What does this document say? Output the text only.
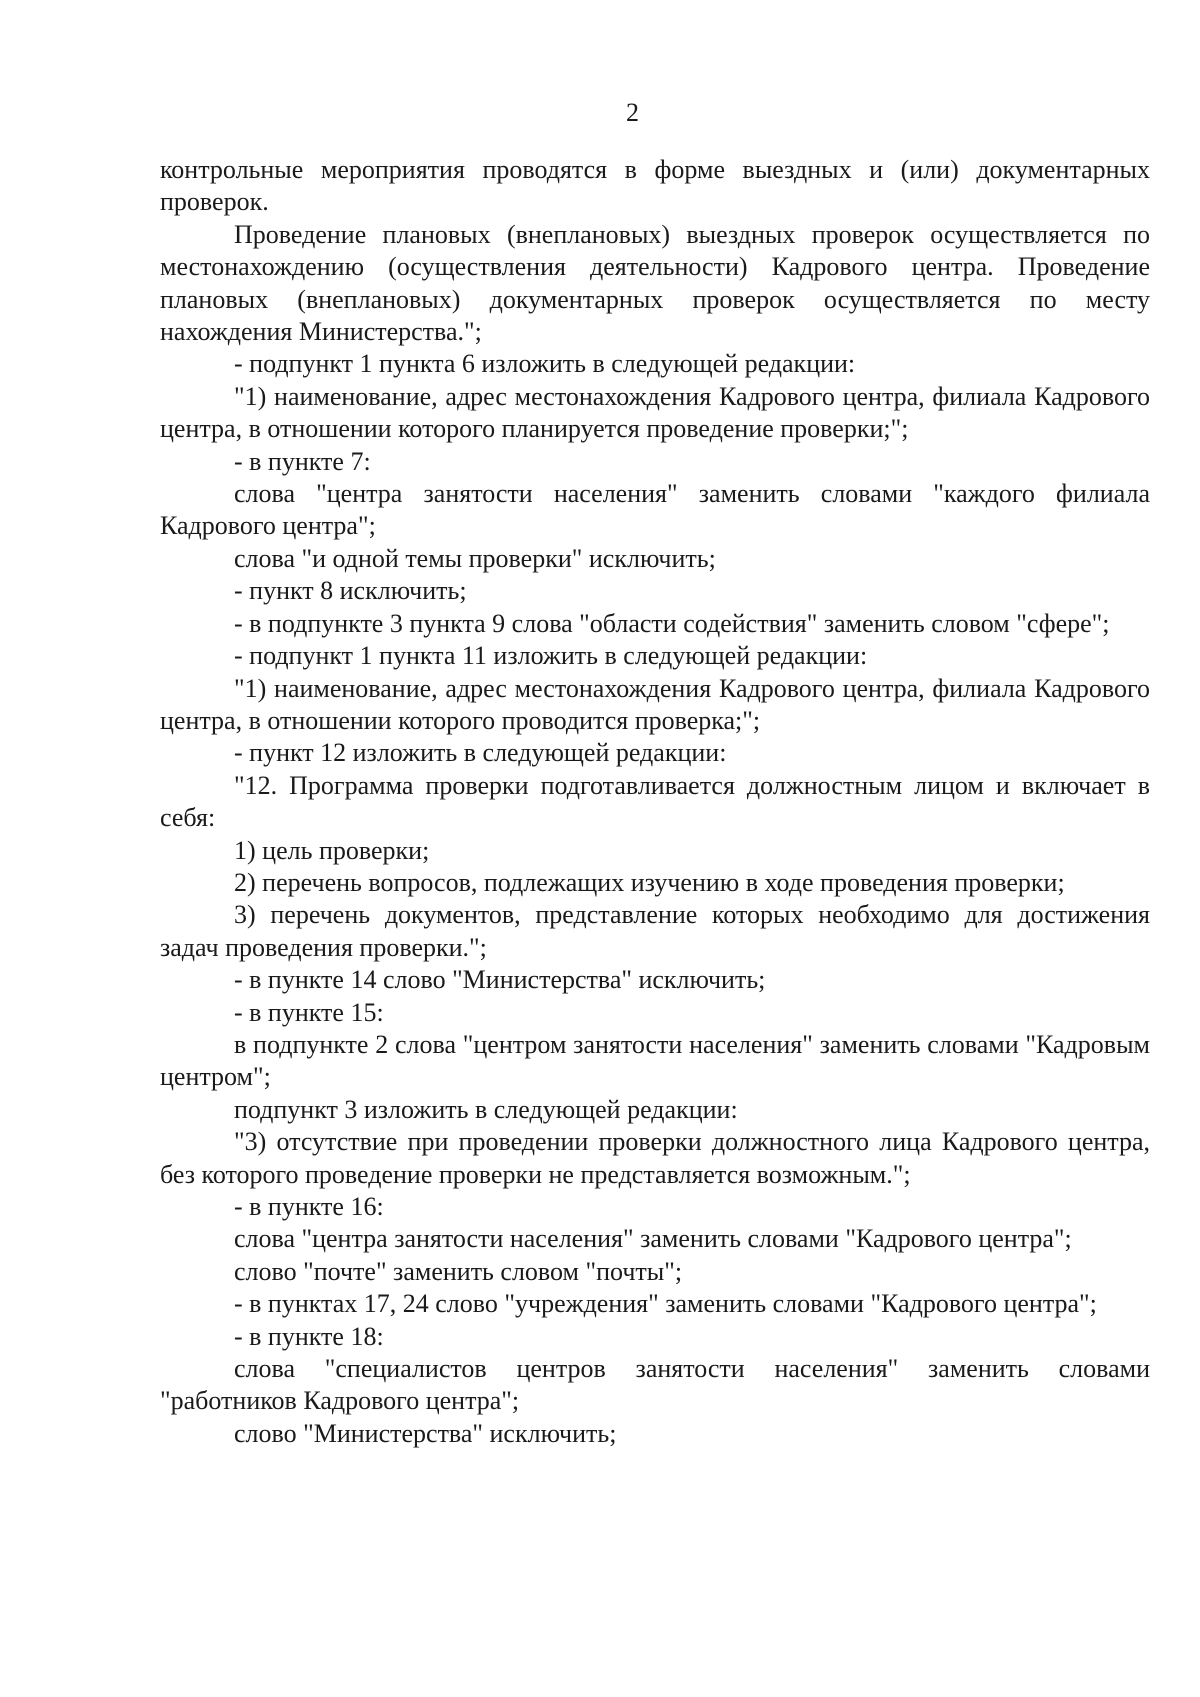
2

контрольные мероприятия проводятся в форме выездных и (или) документарных проверок.

Проведение плановых (внеплановых) выездных проверок осуществляется по местонахождению (осуществления деятельности) Кадрового центра. Проведение плановых (внеплановых) документарных проверок осуществляется по месту нахождения Министерства.";

- подпункт 1 пункта 6 изложить в следующей редакции:

"1) наименование, адрес местонахождения Кадрового центра, филиала Кадрового центра, в отношении которого планируется проведение проверки;";

- в пункте 7:

слова "центра занятости населения" заменить словами "каждого филиала Кадрового центра";

слова "и одной темы проверки" исключить;

- пункт 8 исключить;

- в подпункте 3 пункта 9 слова "области содействия" заменить словом "сфере";

- подпункт 1 пункта 11 изложить в следующей редакции:

"1) наименование, адрес местонахождения Кадрового центра, филиала Кадрового центра, в отношении которого проводится проверка;";

- пункт 12 изложить в следующей редакции:

"12. Программа проверки подготавливается должностным лицом и включает в себя:

1) цель проверки;

2) перечень вопросов, подлежащих изучению в ходе проведения проверки;

3) перечень документов, представление которых необходимо для достижения задач проведения проверки.";

- в пункте 14 слово "Министерства" исключить;

- в пункте 15:

в подпункте 2 слова "центром занятости населения" заменить словами "Кадровым центром";

подпункт 3 изложить в следующей редакции:

"3) отсутствие при проведении проверки должностного лица Кадрового центра, без которого проведение проверки не представляется возможным.";

- в пункте 16:

слова "центра занятости населения" заменить словами "Кадрового центра";

слово "почте" заменить словом "почты";

- в пунктах 17, 24 слово "учреждения" заменить словами "Кадрового центра";

- в пункте 18:

слова "специалистов центров занятости населения" заменить словами "работников Кадрового центра";

слово "Министерства" исключить;
